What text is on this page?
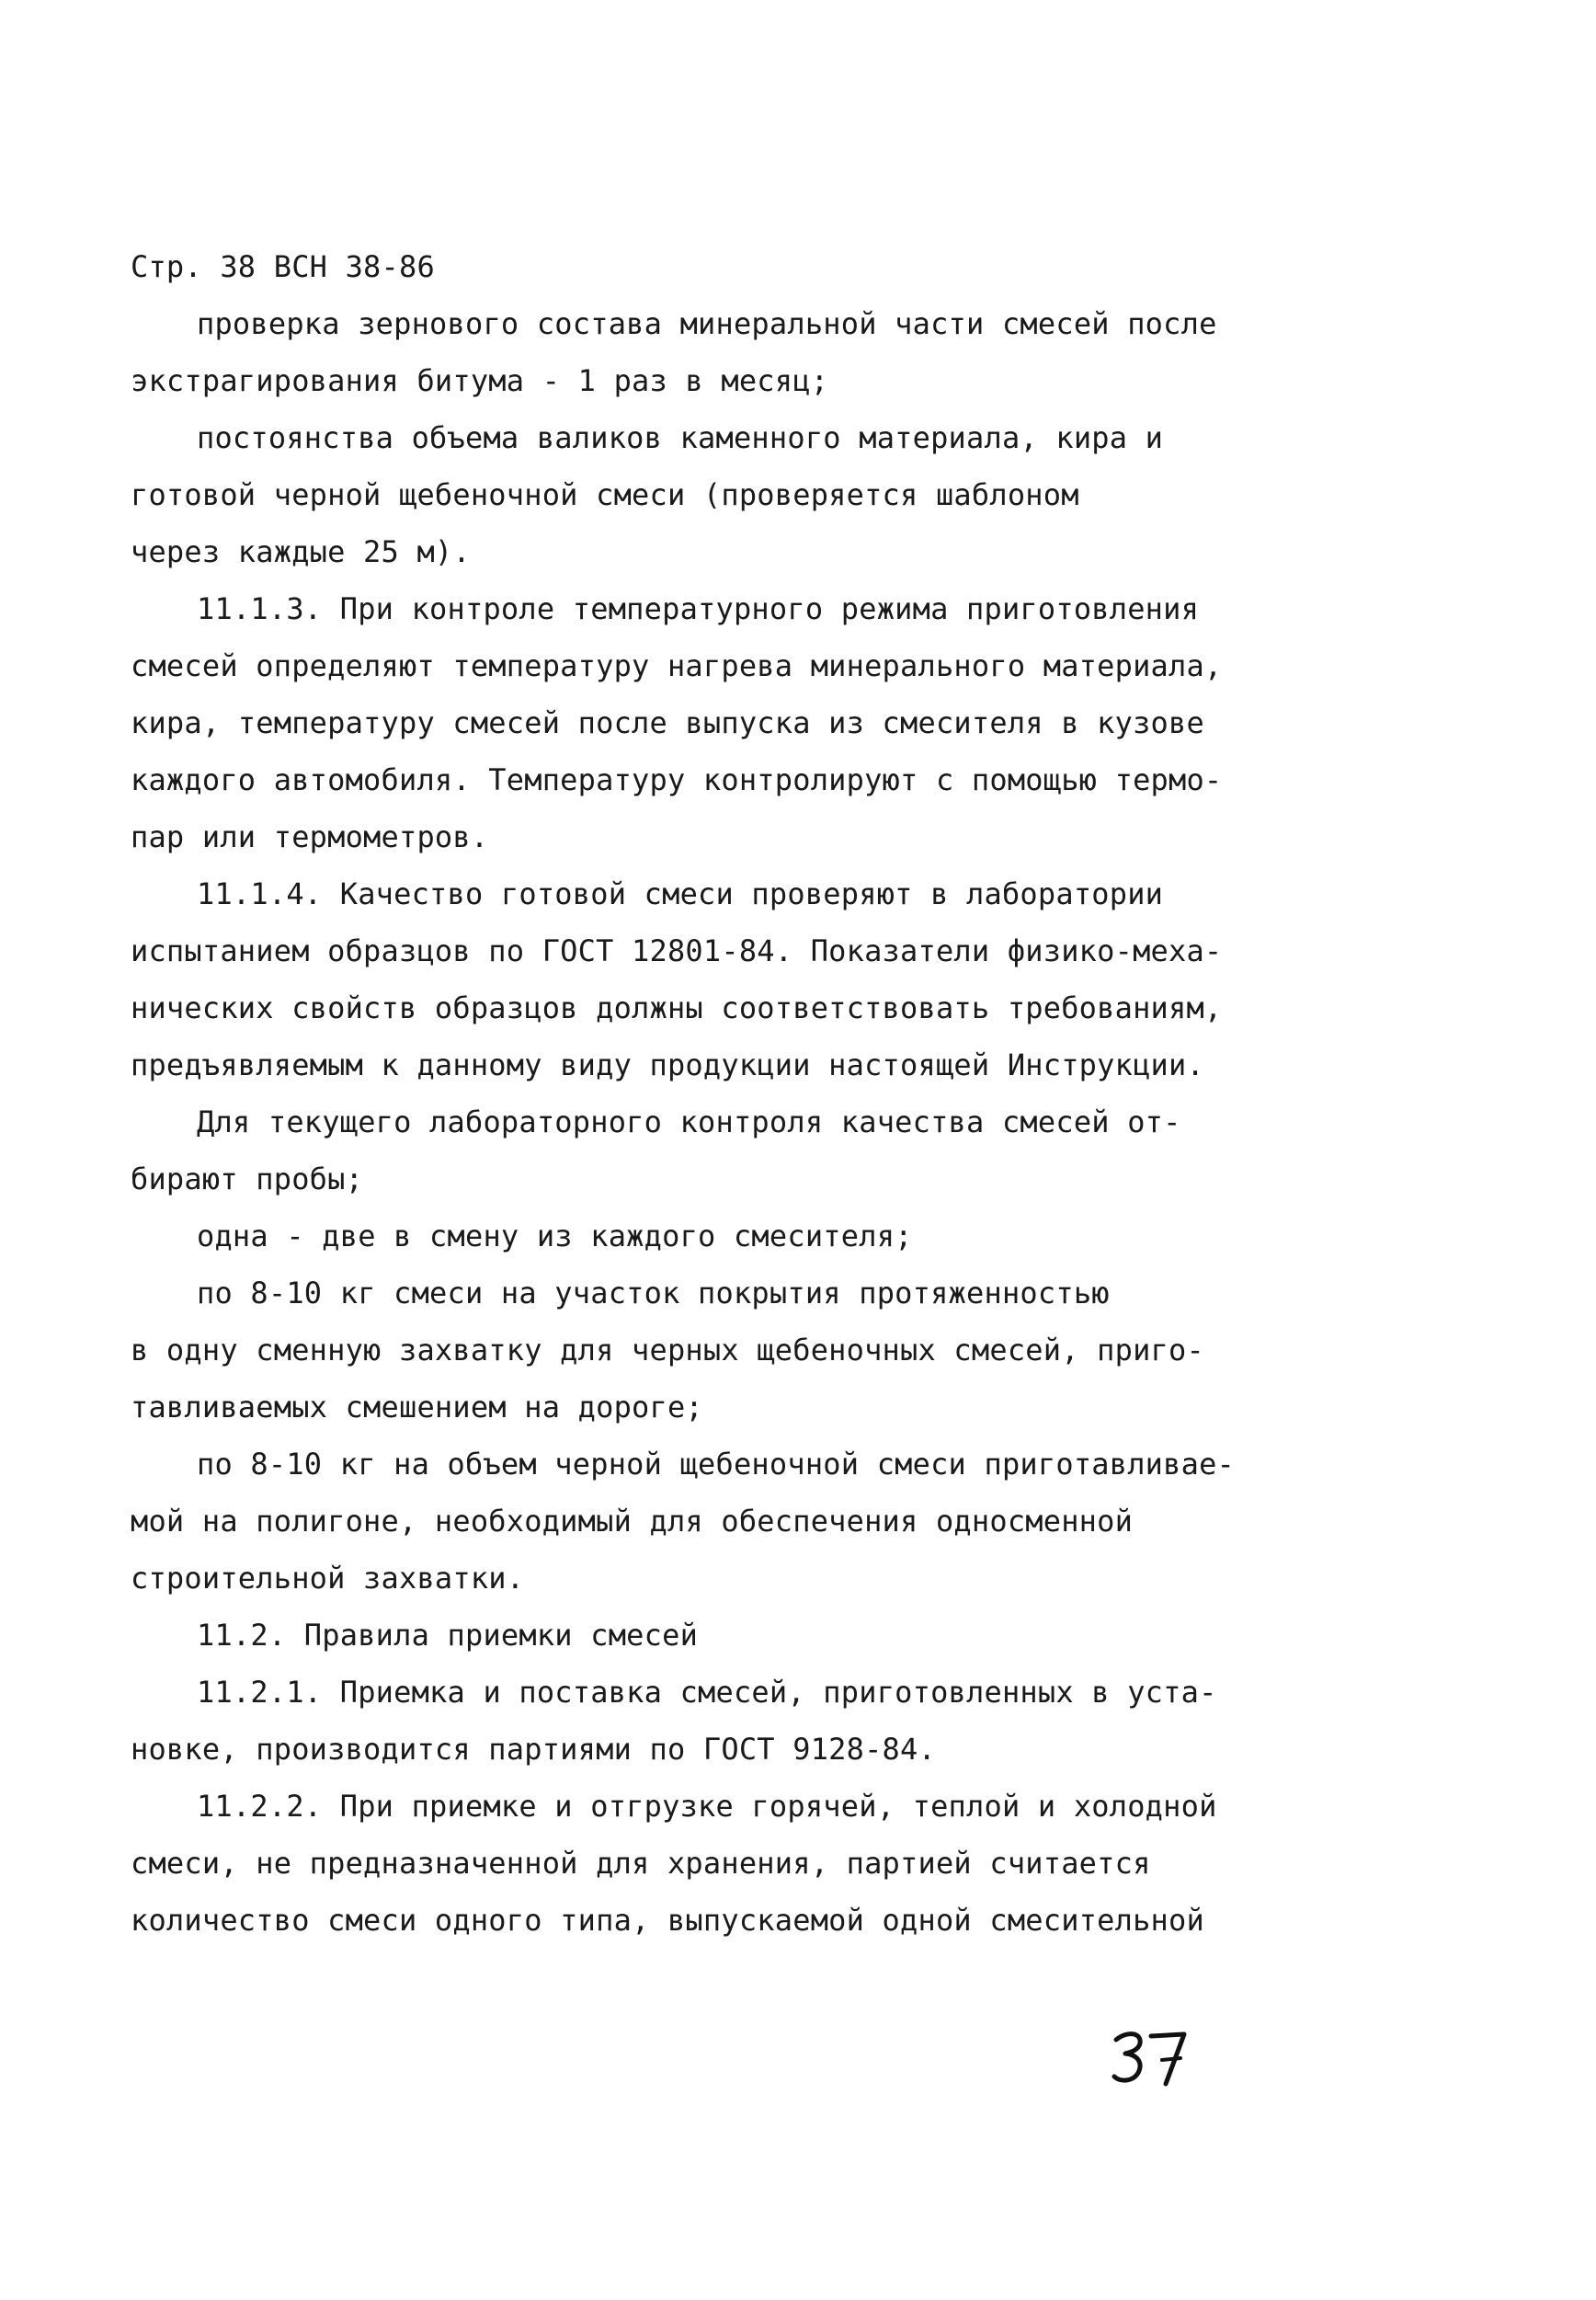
Стр. 38 ВСН 38-86
проверка зернового состава минеральной части смесей после
экстрагирования битума - 1 раз в месяц;
постоянства объема валиков каменного материала, кира и
готовой черной щебеночной смеси (проверяется шаблоном
через каждые 25 м).
11.1.3. При контроле температурного режима приготовления
смесей определяют температуру нагрева минерального материала,
кира, температуру смесей после выпуска из смесителя в кузове
каждого автомобиля. Температуру контролируют с помощью термо-
пар или термометров.
11.1.4. Качество готовой смеси проверяют в лаборатории
испытанием образцов по ГОСТ 12801-84. Показатели физико-меха-
нических свойств образцов должны соответствовать требованиям,
предъявляемым к данному виду продукции настоящей Инструкции.
Для текущего лабораторного контроля качества смесей от-
бирают пробы;
одна - две в смену из каждого смесителя;
по 8-10 кг смеси на участок покрытия протяженностью
в одну сменную захватку для черных щебеночных смесей, приго-
тавливаемых смешением на дороге;
по 8-10 кг на объем черной щебеночной смеси приготавливае-
мой на полигоне, необходимый для обеспечения односменной
строительной захватки.
11.2. Правила приемки смесей
11.2.1. Приемка и поставка смесей, приготовленных в уста-
новке, производится партиями по ГОСТ 9128-84.
11.2.2. При приемке и отгрузке горячей, теплой и холодной
смеси, не предназначенной для хранения, партией считается
количество смеси одного типа, выпускаемой одной смесительной
